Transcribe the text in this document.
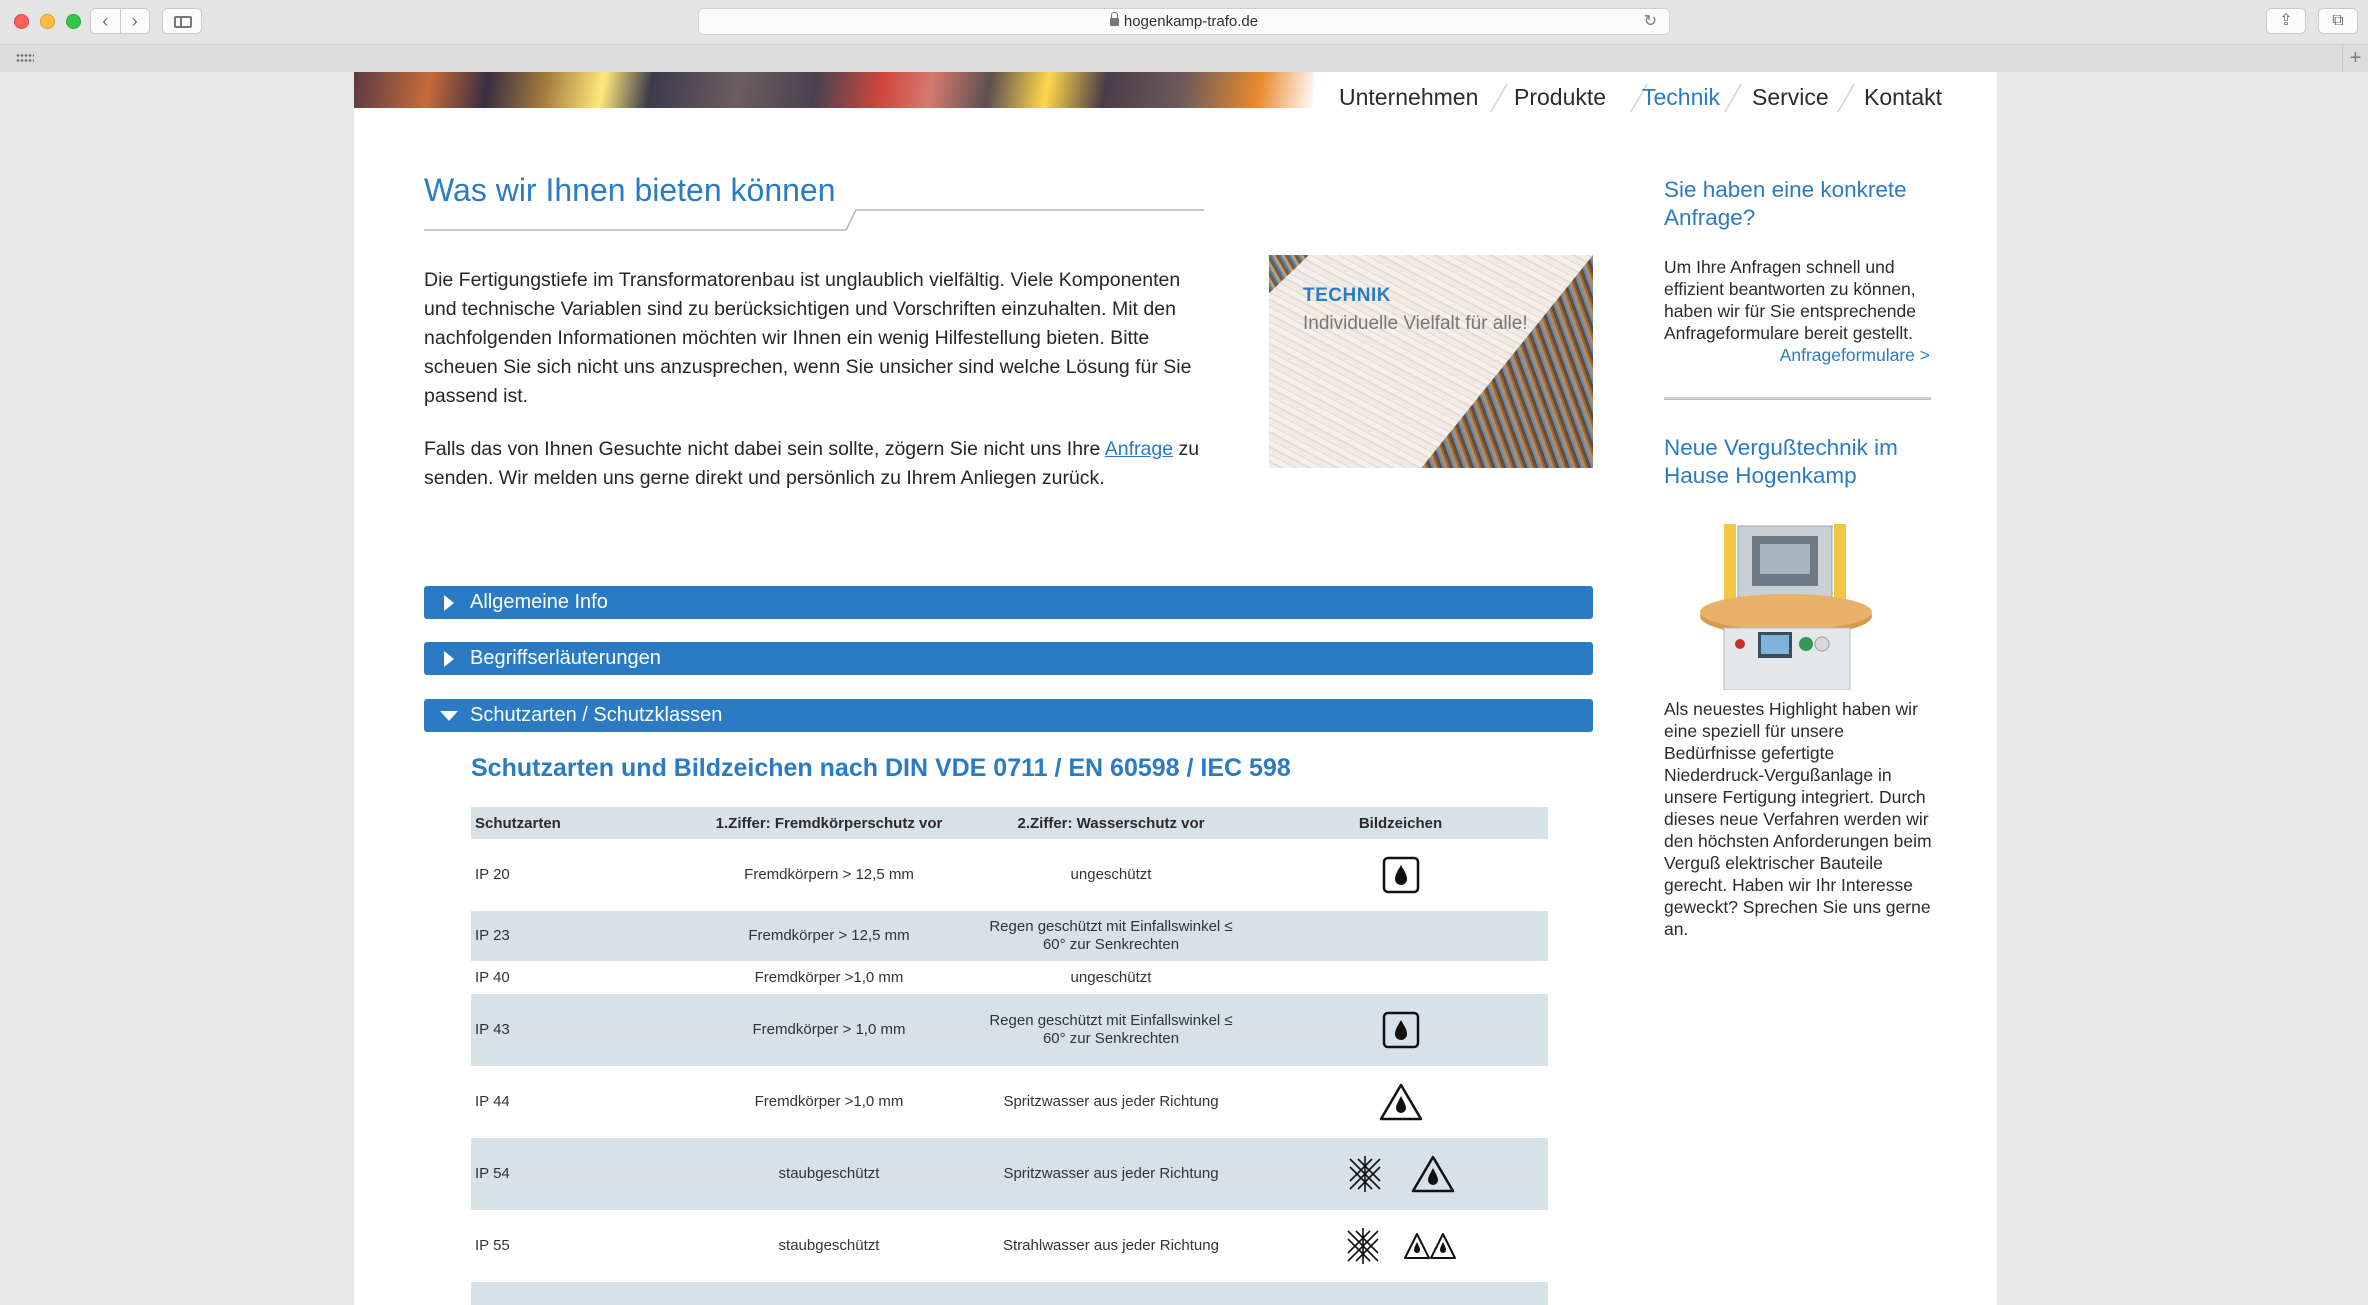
‹	›	hogenkamp-trafo.de	↻	⇪	⧉
+
Unternehmen Produkte Technik Service Kontakt
Was wir Ihnen bieten können

Die Fertigungstiefe im Transformatorenbau ist unglaublich vielfältig. Viele Komponenten und technische Variablen sind zu berücksichtigen und Vorschriften einzuhalten. Mit den nachfolgenden Informationen möchten wir Ihnen ein wenig Hilfestellung bieten. Bitte scheuen Sie sich nicht uns anzusprechen, wenn Sie unsicher sind welche Lösung für Sie passend ist.

Falls das von Ihnen Gesuchte nicht dabei sein sollte, zögern Sie nicht uns Ihre Anfrage zu senden. Wir melden uns gerne direkt und persönlich zu Ihrem Anliegen zurück.

TECHNIK
Individuelle Vielfalt für alle!
Allgemeine Info
Begriffserläuterungen
Schutzarten / Schutzklassen
Schutzarten und Bildzeichen nach DIN VDE 0711 / EN 60598 / IEC 598
Schutzarten	1.Ziffer: Fremdkörperschutz vor	2.Ziffer: Wasserschutz vor	Bildzeichen
IP 20	Fremdkörpern > 12,5 mm	ungeschützt	
IP 23	Fremdkörper > 12,5 mm	Regen geschützt mit Einfallswinkel ≤ 60° zur Senkrechten	
IP 40	Fremdkörper >1,0 mm	ungeschützt	
IP 43	Fremdkörper > 1,0 mm	Regen geschützt mit Einfallswinkel ≤ 60° zur Senkrechten	
IP 44	Fremdkörper >1,0 mm	Spritzwasser aus jeder Richtung	
IP 54	staubgeschützt	Spritzwasser aus jeder Richtung	
IP 55	staubgeschützt	Strahlwasser aus jeder Richtung	

Sie haben eine konkrete Anfrage?
Um Ihre Anfragen schnell und effizient beantworten zu können, haben wir für Sie entsprechende Anfrageformulare bereit gestellt.
Anfrageformulare >
Neue Vergußtechnik im Hause Hogenkamp
Als neuestes Highlight haben wir eine speziell für unsere Bedürfnisse gefertigte Niederdruck-Vergußanlage in unsere Fertigung integriert. Durch dieses neue Verfahren werden wir den höchsten Anforderungen beim Verguß elektrischer Bauteile gerecht. Haben wir Ihr Interesse geweckt? Sprechen Sie uns gerne an.
